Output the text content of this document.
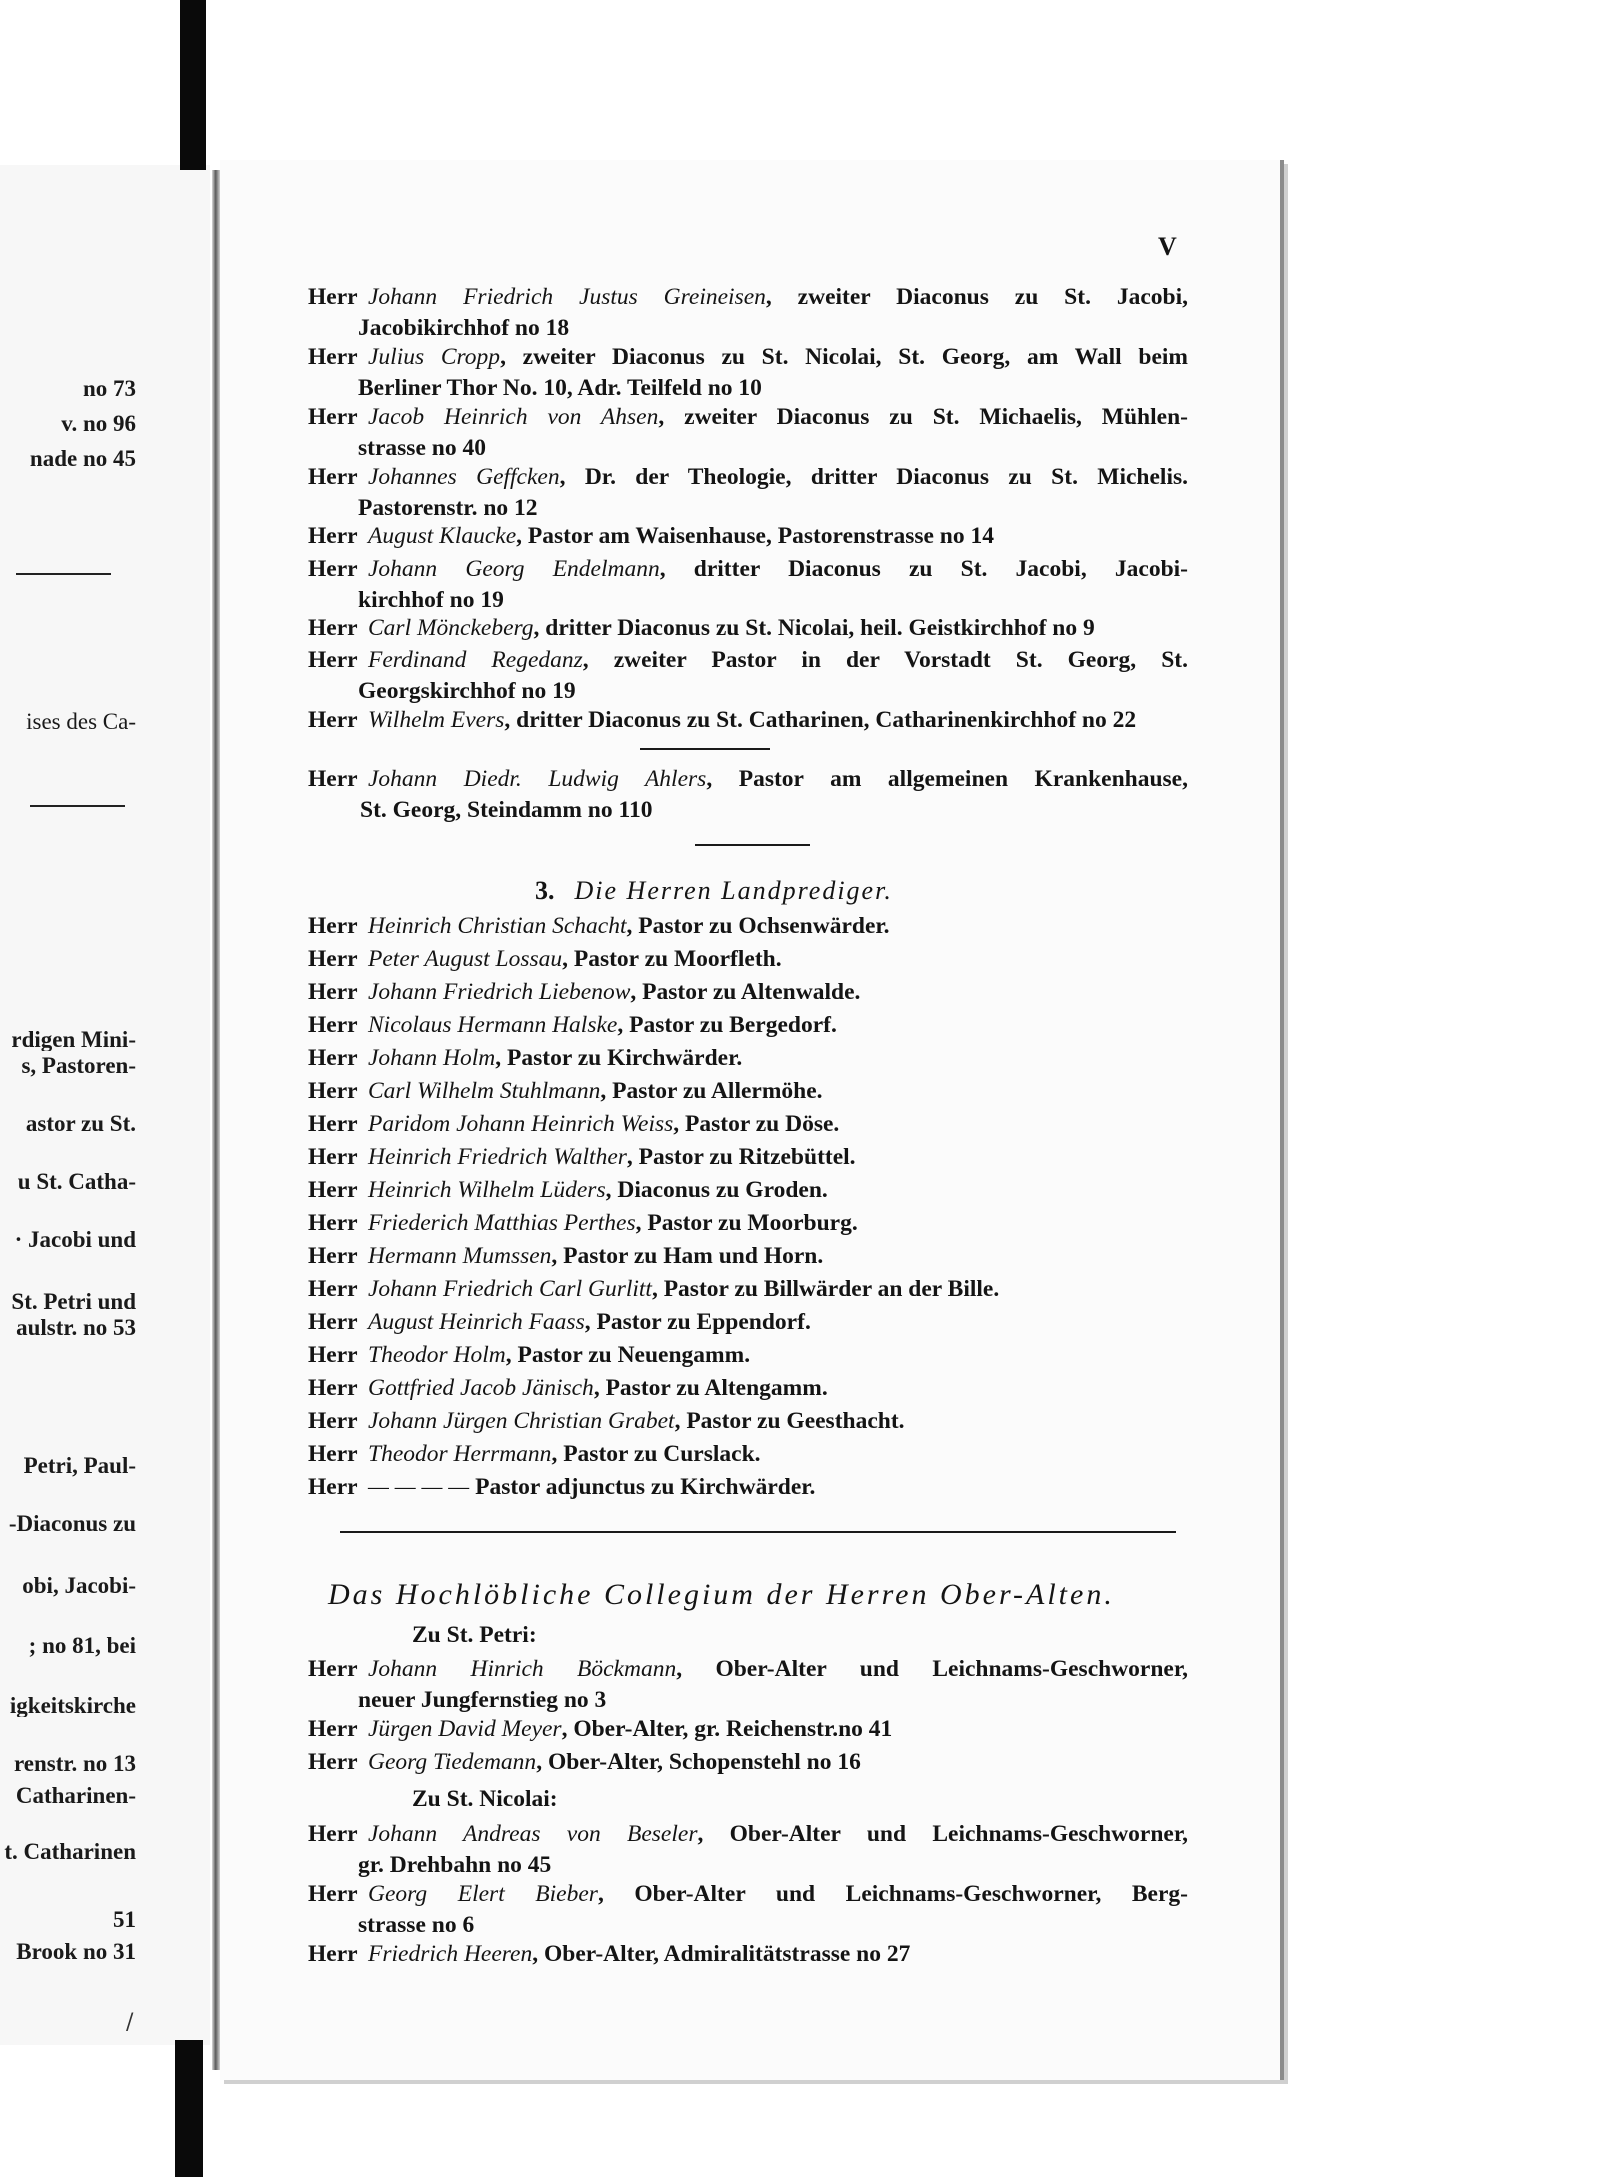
no 73
v. no 96
nade no 45
ises des Ca-
rdigen Mini-
s, Pastoren-
astor zu St.
u St. Catha-
· Jacobi und
St. Petri und
aulstr. no 53
Petri, Paul-
-Diaconus zu
obi, Jacobi-
; no 81, bei
igkeitskirche
renstr. no 13
Catharinen-
t. Catharinen
51
Brook no 31
V
Herr Johann Friedrich Justus Greineisen, zweiter Diaconus zu St. Jacobi,
Jacobikirchhof no 18
Herr Julius Cropp, zweiter Diaconus zu St. Nicolai, St. Georg, am Wall beim
Berliner Thor No. 10, Adr. Teilfeld no 10
Herr Jacob Heinrich von Ahsen, zweiter Diaconus zu St. Michaelis, Mühlen-
strasse no 40
Herr Johannes Geffcken, Dr. der Theologie, dritter Diaconus zu St. Michelis.
Pastorenstr. no 12
Herr August Klaucke, Pastor am Waisenhause, Pastorenstrasse no 14
Herr Johann Georg Endelmann, dritter Diaconus zu St. Jacobi, Jacobi-
kirchhof no 19
Herr Carl Mönckeberg, dritter Diaconus zu St. Nicolai, heil. Geistkirchhof no 9
Herr Ferdinand Regedanz, zweiter Pastor in der Vorstadt St. Georg, St.
Georgskirchhof no 19
Herr Wilhelm Evers, dritter Diaconus zu St. Catharinen, Catharinenkirchhof no 22
Herr Johann Diedr. Ludwig Ahlers, Pastor am allgemeinen Krankenhause,
St. Georg, Steindamm no 110
3. Die Herren Landprediger.
Herr Heinrich Christian Schacht, Pastor zu Ochsenwärder.
Herr Peter August Lossau, Pastor zu Moorfleth.
Herr Johann Friedrich Liebenow, Pastor zu Altenwalde.
Herr Nicolaus Hermann Halske, Pastor zu Bergedorf.
Herr Johann Holm, Pastor zu Kirchwärder.
Herr Carl Wilhelm Stuhlmann, Pastor zu Allermöhe.
Herr Paridom Johann Heinrich Weiss, Pastor zu Döse.
Herr Heinrich Friedrich Walther, Pastor zu Ritzebüttel.
Herr Heinrich Wilhelm Lüders, Diaconus zu Groden.
Herr Friederich Matthias Perthes, Pastor zu Moorburg.
Herr Hermann Mumssen, Pastor zu Ham und Horn.
Herr Johann Friedrich Carl Gurlitt, Pastor zu Billwärder an der Bille.
Herr August Heinrich Faass, Pastor zu Eppendorf.
Herr Theodor Holm, Pastor zu Neuengamm.
Herr Gottfried Jacob Jänisch, Pastor zu Altengamm.
Herr Johann Jürgen Christian Grabet, Pastor zu Geesthacht.
Herr Theodor Herrmann, Pastor zu Curslack.
Herr — — — — Pastor adjunctus zu Kirchwärder.
Das Hochlöbliche Collegium der Herren Ober-Alten.
Zu St. Petri:
Herr Johann Hinrich Böckmann, Ober-Alter und Leichnams-Geschworner,
neuer Jungfernstieg no 3
Herr Jürgen David Meyer, Ober-Alter, gr. Reichenstr.no 41
Herr Georg Tiedemann, Ober-Alter, Schopenstehl no 16
Zu St. Nicolai:
Herr Johann Andreas von Beseler, Ober-Alter und Leichnams-Geschworner,
gr. Drehbahn no 45
Herr Georg Elert Bieber, Ober-Alter und Leichnams-Geschworner, Berg-
strasse no 6
Herr Friedrich Heeren, Ober-Alter, Admiralitätstrasse no 27
/
